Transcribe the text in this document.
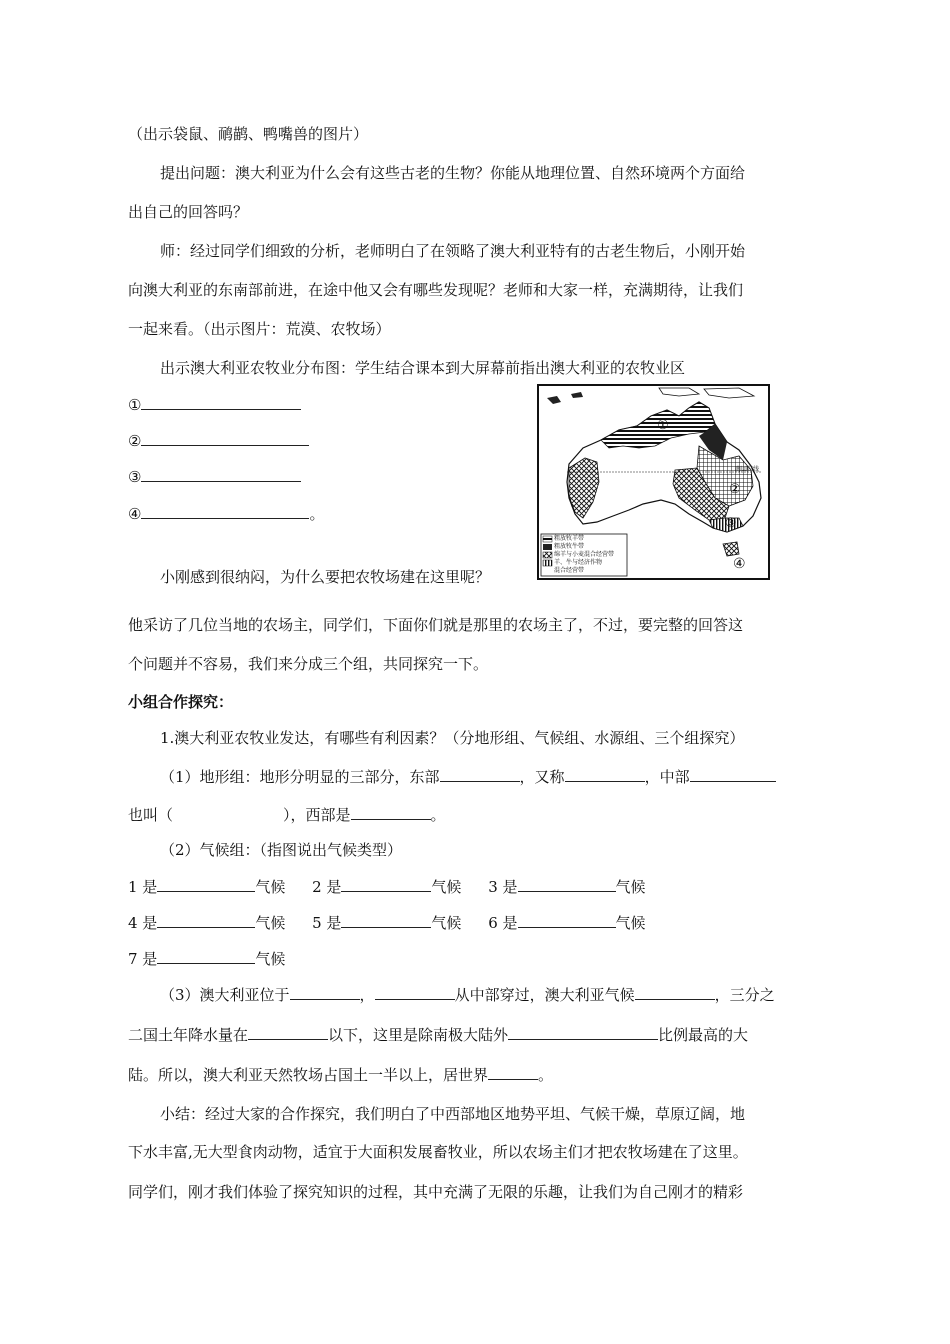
（出示袋鼠、鸸鹋、鸭嘴兽的图片）
提出问题：澳大利亚为什么会有这些古老的生物？你能从地理位置、自然环境两个方面给
出自己的回答吗？
师：经过同学们细致的分析，老师明白了在领略了澳大利亚特有的古老生物后，小刚开始
向澳大利亚的东南部前进，在途中他又会有哪些发现呢？老师和大家一样，充满期待，让我们
一起来看。（出示图片：荒漠、农牧场）
出示澳大利亚农牧业分布图：学生结合课本到大屏幕前指出澳大利亚的农牧业区
①
②
③
④	。
南回归线
粗放牧羊带
粗放牧牛带
绵羊与小麦混合经营带
羊、牛与经济作物
混合经营带
①
②
③
④
小刚感到很纳闷，为什么要把农牧场建在这里呢？
他采访了几位当地的农场主，同学们，下面你们就是那里的农场主了，不过，要完整的回答这
个问题并不容易，我们来分成三个组，共同探究一下。
小组合作探究：
1.澳大利亚农牧业发达，有哪些有利因素？（分地形组、气候组、水源组、三个组探究）
（1）地形组：地形分明显的三部分，东部	，又称	，中部
也叫（	），西部是	。
（2）气候组：（指图说出气候类型）
1 是	气候 2 是	气候 3 是	气候
4 是	气候 5 是	气候 6 是	气候
7 是	气候
（3）澳大利亚位于	，	从中部穿过，澳大利亚气候	，三分之
二国土年降水量在	以下，这里是除南极大陆外	比例最高的大
陆。所以，澳大利亚天然牧场占国土一半以上，居世界	。
小结：经过大家的合作探究，我们明白了中西部地区地势平坦、气候干燥，草原辽阔，地
下水丰富,无大型食肉动物，适宜于大面积发展畜牧业，所以农场主们才把农牧场建在了这里。
同学们，刚才我们体验了探究知识的过程，其中充满了无限的乐趣，让我们为自己刚才的精彩
